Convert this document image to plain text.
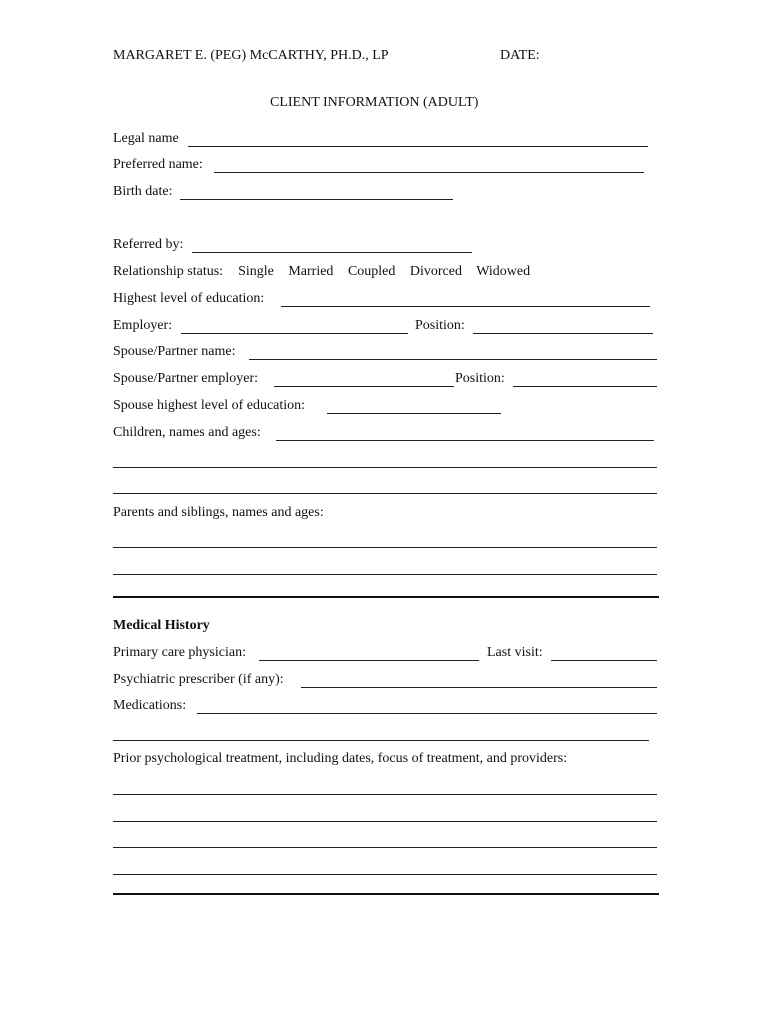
MARGARET E. (PEG) McCARTHY, PH.D., LP	DATE:
CLIENT INFORMATION (ADULT)
Legal name
Preferred name:
Birth date:
Referred by:
Relationship status: Single Married Coupled Divorced Widowed
Highest level of education:
Employer:	Position:
Spouse/Partner name:
Spouse/Partner employer:	Position:
Spouse highest level of education:
Children, names and ages:
Parents and siblings, names and ages:
Medical History
Primary care physician:	Last visit:
Psychiatric prescriber (if any):
Medications:
Prior psychological treatment, including dates, focus of treatment, and providers:
